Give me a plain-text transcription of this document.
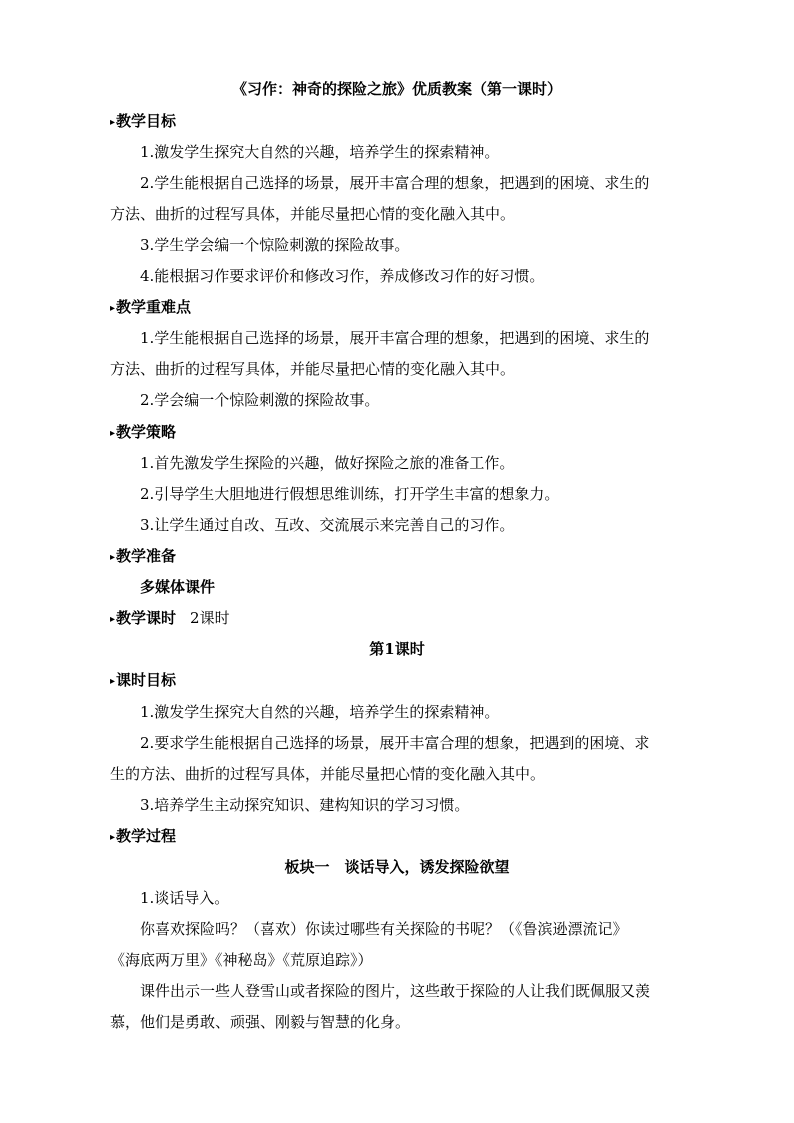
《习作：神奇的探险之旅》优质教案（第一课时）
▸教学目标
1.激发学生探究大自然的兴趣，培养学生的探索精神。
2.学生能根据自己选择的场景，展开丰富合理的想象，把遇到的困境、求生的
方法、曲折的过程写具体，并能尽量把心情的变化融入其中。
3.学生学会编一个惊险刺激的探险故事。
4.能根据习作要求评价和修改习作，养成修改习作的好习惯。
▸教学重难点
1.学生能根据自己选择的场景，展开丰富合理的想象，把遇到的困境、求生的
方法、曲折的过程写具体，并能尽量把心情的变化融入其中。
2.学会编一个惊险刺激的探险故事。
▸教学策略
1.首先激发学生探险的兴趣，做好探险之旅的准备工作。
2.引导学生大胆地进行假想思维训练，打开学生丰富的想象力。
3.让学生通过自改、互改、交流展示来完善自己的习作。
▸教学准备
多媒体课件
▸教学课时 2课时
第1课时
▸课时目标
1.激发学生探究大自然的兴趣，培养学生的探索精神。
2.要求学生能根据自己选择的场景，展开丰富合理的想象，把遇到的困境、求
生的方法、曲折的过程写具体，并能尽量把心情的变化融入其中。
3.培养学生主动探究知识、建构知识的学习习惯。
▸教学过程
板块一　谈话导入，诱发探险欲望
1.谈话导入。
你喜欢探险吗？（喜欢）你读过哪些有关探险的书呢？（《鲁滨逊漂流记》
《海底两万里》《神秘岛》《荒原追踪》）
课件出示一些人登雪山或者探险的图片，这些敢于探险的人让我们既佩服又羡
慕，他们是勇敢、顽强、刚毅与智慧的化身。
